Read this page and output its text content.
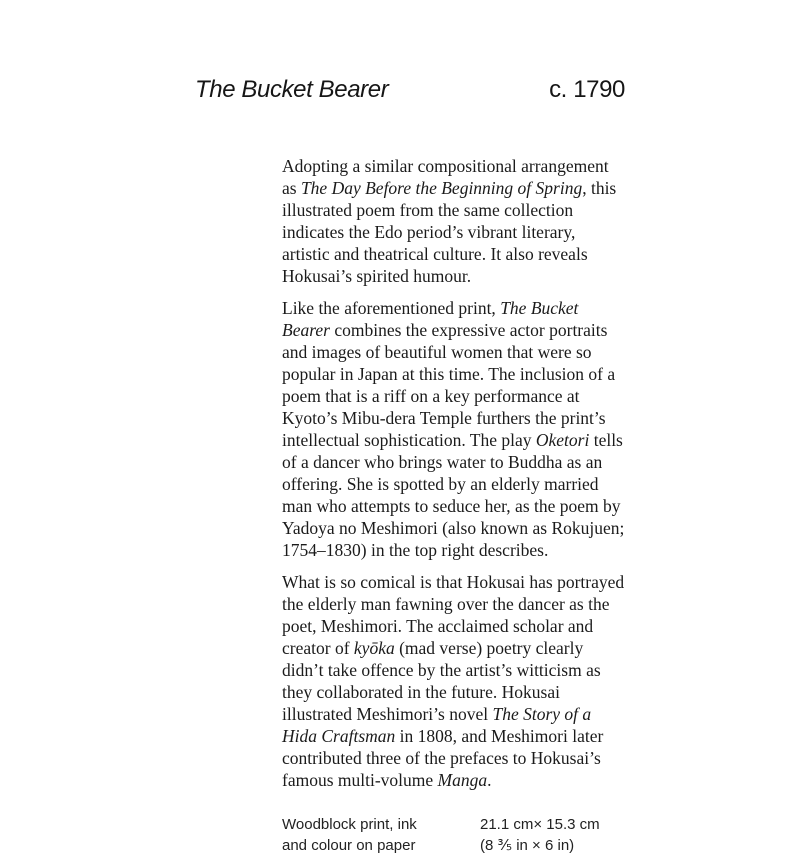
The Bucket Bearer	c. 1790

Adopting a similar compositional arrangement as The Day Before the Beginning of Spring, this illustrated poem from the same collection indicates the Edo period’s vibrant literary, artistic and theatrical culture. It also reveals Hokusai’s spirited humour.

Like the aforementioned print, The Bucket Bearer combines the expressive actor portraits and images of beautiful women that were so popular in Japan at this time. The inclusion of a poem that is a riff on a key performance at Kyoto’s Mibu-dera Temple furthers the print’s intellectual sophistication. The play Oketori tells of a dancer who brings water to Buddha as an offering. She is spotted by an elderly married man who attempts to seduce her, as the poem by Yadoya no Meshimori (also known as Rokujuen; 1754–1830) in the top right describes.

What is so comical is that Hokusai has portrayed the elderly man fawning over the dancer as the poet, Meshimori. The acclaimed scholar and creator of kyōka (mad verse) poetry clearly didn’t take offence by the artist’s witticism as they collaborated in the future. Hokusai illustrated Meshimori’s novel The Story of a Hida Craftsman in 1808, and Meshimori later contributed three of the prefaces to Hokusai’s famous multi-volume Manga.

Woodblock print, ink
and colour on paper
21.1 cm× 15.3 cm
(8 ⅗ in × 6 in)
